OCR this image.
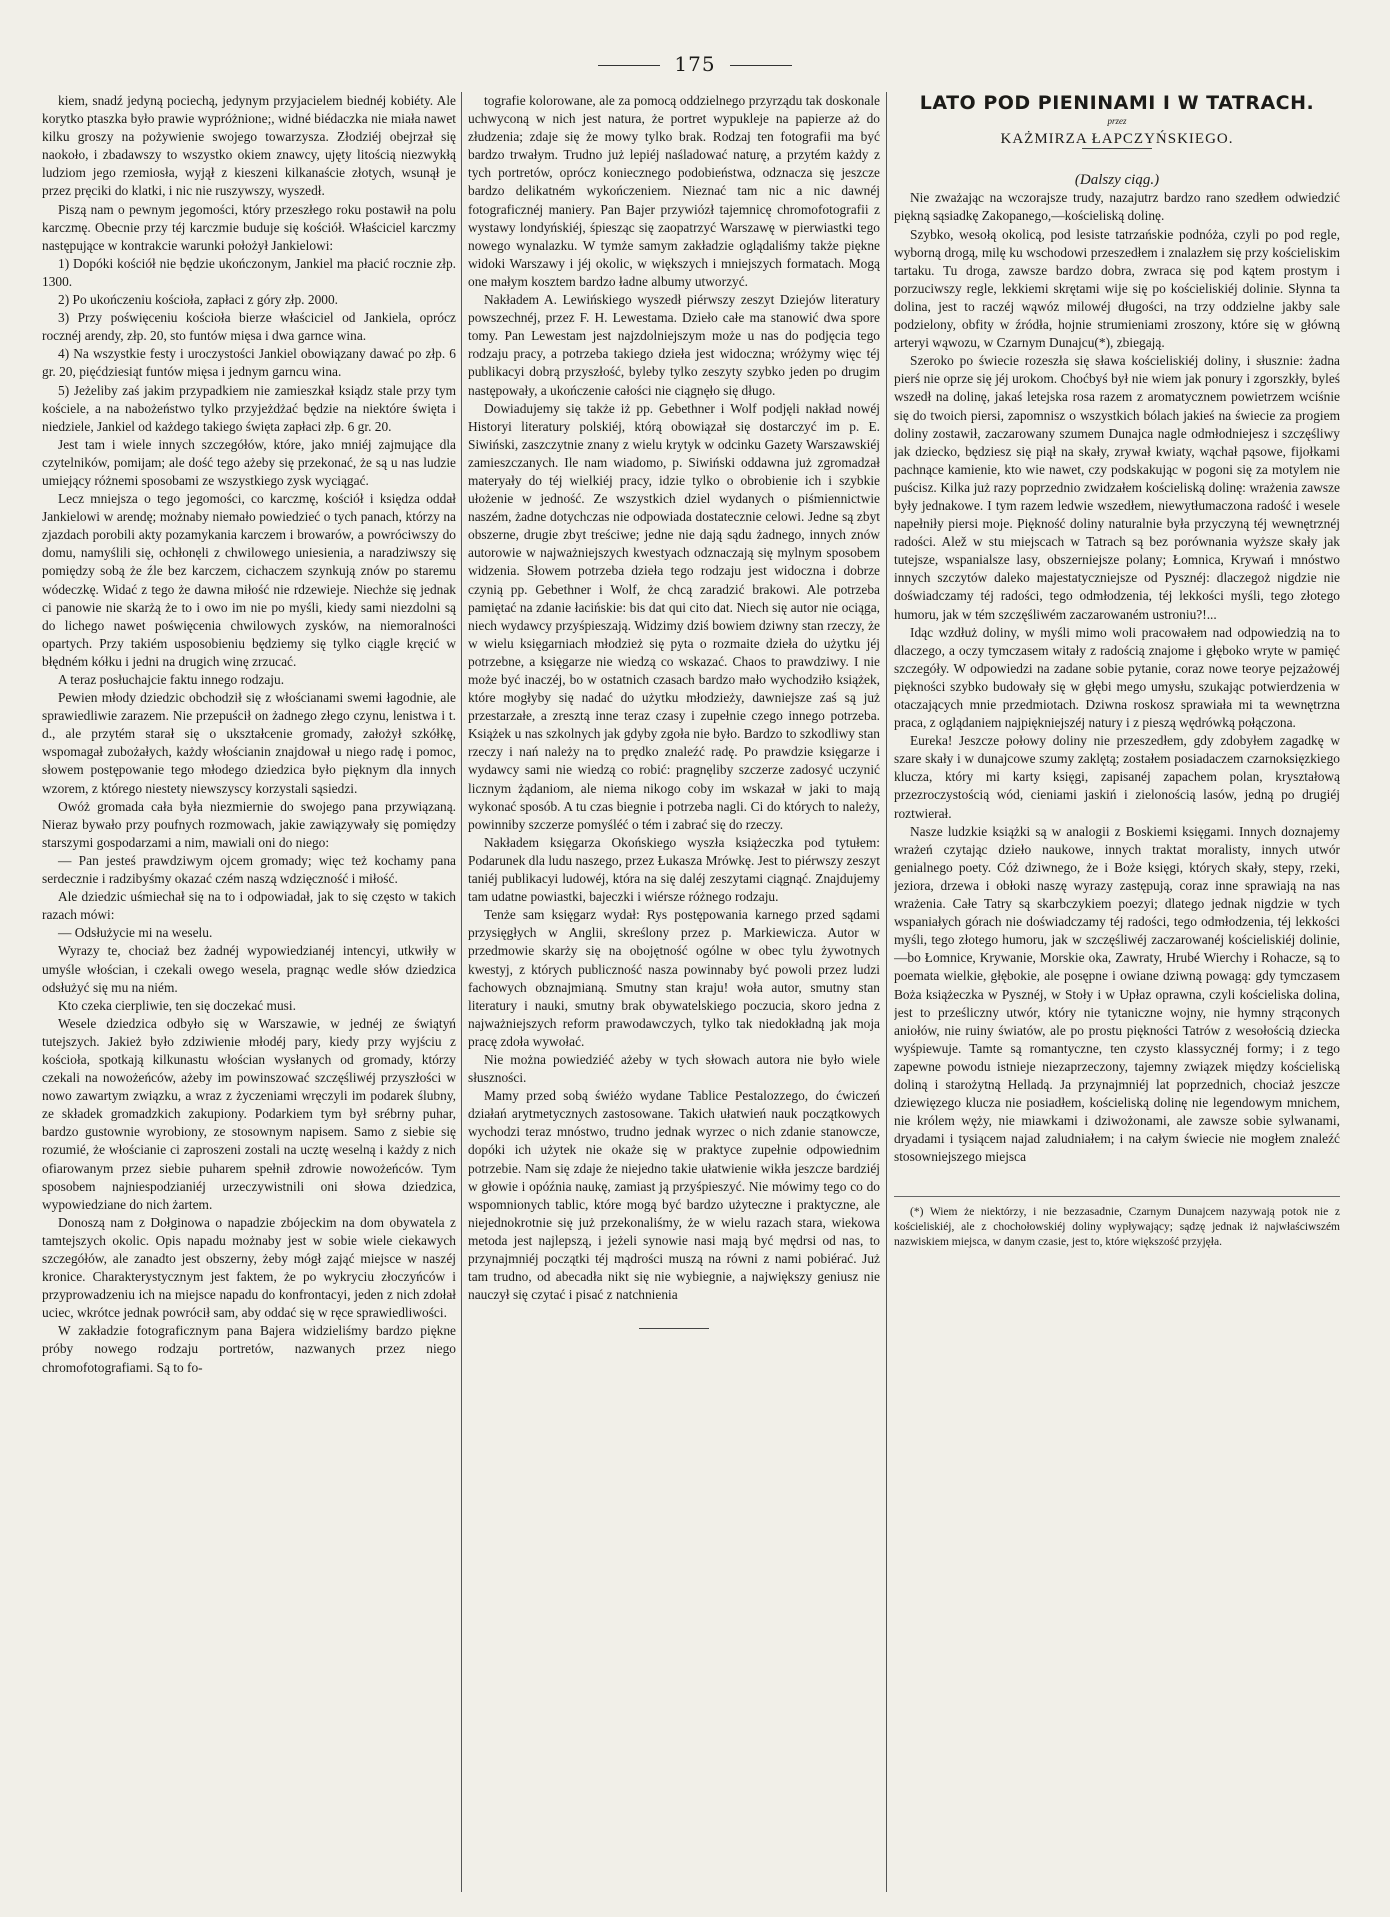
175

kiem, snadź jedyną pociechą, jedynym przyjacielem biednéj kobiéty. Ale korytko ptaszka było prawie wypróżnione;, widné biédaczka nie miała nawet kilku groszy na pożywienie swojego towarzysza. Złodziéj obejrzał się naokoło, i zbadawszy to wszystko okiem znawcy, ujęty litością niezwykłą ludziom jego rzemiosła, wyjął z kieszeni kilkanaście złotych, wsunął je przez pręciki do klatki, i nic nie ruszywszy, wyszedł.

Piszą nam o pewnym jegomości, który przeszłego roku postawił na polu karczmę. Obecnie przy téj karczmie buduje się kościół. Właściciel karczmy następujące w kontrakcie warunki położył Jankielowi:

1) Dopóki kościół nie będzie ukończonym, Jankiel ma płacić rocznie złp. 1300.

2) Po ukończeniu kościoła, zapłaci z góry złp. 2000.

3) Przy poświęceniu kościoła bierze właściciel od Jankiela, oprócz rocznéj arendy, złp. 20, sto funtów mięsa i dwa garnce wina.

4) Na wszystkie festy i uroczystości Jankiel obowiązany dawać po złp. 6 gr. 20, pięćdziesiąt funtów mięsa i jednym garncu wina.

5) Jeżeliby zaś jakim przypadkiem nie zamieszkał ksiądz stale przy tym kościele, a na nabożeństwo tylko przyjeżdżać będzie na niektóre święta i niedziele, Jankiel od każdego takiego święta zapłaci złp. 6 gr. 20.

Jest tam i wiele innych szczegółów, które, jako mniéj zajmujące dla czytelników, pomijam; ale dość tego ażeby się przekonać, że są u nas ludzie umiejący różnemi sposobami ze wszystkiego zysk wyciągać.

Lecz mniejsza o tego jegomości, co karczmę, kościół i księdza oddał Jankielowi w arendę; możnaby niemało powiedzieć o tych panach, którzy na zjazdach porobili akty pozamykania karczem i browarów, a powróciwszy do domu, namyślili się, ochłonęli z chwilowego uniesienia, a naradziwszy się pomiędzy sobą że źle bez karczem, cichaczem szynkują znów po staremu wódeczkę. Widać z tego że dawna miłość nie rdzewieje. Niechże się jednak ci panowie nie skarżą że to i owo im nie po myśli, kiedy sami niezdolni są do lichego nawet poświęcenia chwilowych zysków, na niemoralności opartych. Przy takiém usposobieniu będziemy się tylko ciągle kręcić w błędném kółku i jedni na drugich winę zrzucać.

A teraz posłuchajcie faktu innego rodzaju.

Pewien młody dziedzic obchodził się z włościanami swemi łagodnie, ale sprawiedliwie zarazem. Nie przepuścił on żadnego złego czynu, lenistwa i t. d., ale przytém starał się o ukształcenie gromady, założył szkółkę, wspomagał zubożałych, każdy włościanin znajdował u niego radę i pomoc, słowem postępowanie tego młodego dziedzica było pięknym dla innych wzorem, z którego niestety niewszyscy korzystali sąsiedzi.

Owóż gromada cała była niezmiernie do swojego pana przywiązaną. Nieraz bywało przy poufnych rozmowach, jakie zawiązywały się pomiędzy starszymi gospodarzami a nim, mawiali oni do niego:

— Pan jesteś prawdziwym ojcem gromady; więc też kochamy pana serdecznie i radzibyśmy okazać czém naszą wdzięczność i miłość.

Ale dziedzic uśmiechał się na to i odpowiadał, jak to się często w takich razach mówi:

— Odsłużycie mi na weselu.

Wyrazy te, chociaż bez żadnéj wypowiedzianéj intencyi, utkwiły w umyśle włościan, i czekali owego wesela, pragnąc wedle słów dziedzica odsłużyć się mu na niém.

Kto czeka cierpliwie, ten się doczekać musi.

Wesele dziedzica odbyło się w Warszawie, w jednéj ze świątyń tutejszych. Jakież było zdziwienie młodéj pary, kiedy przy wyjściu z kościoła, spotkają kilkunastu włościan wysłanych od gromady, którzy czekali na nowożeńców, ażeby im powinszować szczęśliwéj przyszłości w nowo zawartym związku, a wraz z życzeniami wręczyli im podarek ślubny, ze składek gromadzkich zakupiony. Podarkiem tym był srébrny puhar, bardzo gustownie wyrobiony, ze stosownym napisem. Samo z siebie się rozumié, że włościanie ci zaproszeni zostali na ucztę weselną i każdy z nich ofiarowanym przez siebie puharem spełnił zdrowie nowożeńców. Tym sposobem najniespodzianiéj urzeczywistnili oni słowa dziedzica, wypowiedziane do nich żartem.

Donoszą nam z Dołginowa o napadzie zbójeckim na dom obywatela z tamtejszych okolic. Opis napadu możnaby jest w sobie wiele ciekawych szczegółów, ale zanadto jest obszerny, żeby mógł zająć miejsce w naszéj kronice. Charakterystycznym jest faktem, że po wykryciu złoczyńców i przyprowadzeniu ich na miejsce napadu do konfrontacyi, jeden z nich zdołał uciec, wkrótce jednak powrócił sam, aby oddać się w ręce sprawiedliwości.

W zakładzie fotograficznym pana Bajera widzieliśmy bardzo piękne próby nowego rodzaju portretów, nazwanych przez niego chromofotografiami. Są to fo-

tografie kolorowane, ale za pomocą oddzielnego przyrządu tak doskonale uchwyconą w nich jest natura, że portret wypukleje na papierze aż do złudzenia; zdaje się że mowy tylko brak. Rodzaj ten fotografii ma być bardzo trwałym. Trudno już lepiéj naśladować naturę, a przytém każdy z tych portretów, oprócz koniecznego podobieństwa, odznacza się jeszcze bardzo delikatném wykończeniem. Nieznać tam nic a nic dawnéj fotograficznéj maniery. Pan Bajer przywiózł tajemnicę chromofotografii z wystawy londyńskiéj, śpiesząc się zaopatrzyć Warszawę w pierwiastki tego nowego wynalazku. W tymże samym zakładzie oglądaliśmy także piękne widoki Warszawy i jéj okolic, w większych i mniejszych formatach. Mogą one małym kosztem bardzo ładne albumy utworzyć.

Nakładem A. Lewińskiego wyszedł piérwszy zeszyt Dziejów literatury powszechnéj, przez F. H. Lewestama. Dzieło całe ma stanowić dwa spore tomy. Pan Lewestam jest najzdolniejszym może u nas do podjęcia tego rodzaju pracy, a potrzeba takiego dzieła jest widoczna; wróżymy więc téj publikacyi dobrą przyszłość, byleby tylko zeszyty szybko jeden po drugim następowały, a ukończenie całości nie ciągnęło się długo.

Dowiadujemy się także iż pp. Gebethner i Wolf podjęli nakład nowéj Historyi literatury polskiéj, którą obowiązał się dostarczyć im p. E. Siwiński, zaszczytnie znany z wielu krytyk w odcinku Gazety Warszawskiéj zamieszczanych. Ile nam wiadomo, p. Siwiński oddawna już zgromadzał materyały do téj wielkiéj pracy, idzie tylko o obrobienie ich i szybkie ułożenie w jedność. Ze wszystkich dziel wydanych o piśmiennictwie naszém, żadne dotychczas nie odpowiada dostatecznie celowi. Jedne są zbyt obszerne, drugie zbyt treściwe; jedne nie dają sądu żadnego, innych znów autorowie w najważniejszych kwestyach odznaczają się mylnym sposobem widzenia. Słowem potrzeba dzieła tego rodzaju jest widoczna i dobrze czynią pp. Gebethner i Wolf, że chcą zaradzić brakowi. Ale potrzeba pamiętać na zdanie łacińskie: bis dat qui cito dat. Niech się autor nie ociąga, niech wydawcy przyśpieszają. Widzimy dziś bowiem dziwny stan rzeczy, że w wielu księgarniach młodzież się pyta o rozmaite dzieła do użytku jéj potrzebne, a księgarze nie wiedzą co wskazać. Chaos to prawdziwy. I nie może być inaczéj, bo w ostatnich czasach bardzo mało wychodziło książek, które mogłyby się nadać do użytku młodzieży, dawniejsze zaś są już przestarzałe, a zresztą inne teraz czasy i zupełnie czego innego potrzeba. Książek u nas szkolnych jak gdyby zgoła nie było. Bardzo to szkodliwy stan rzeczy i nań należy na to prędko znaleźć radę. Po prawdzie księgarze i wydawcy sami nie wiedzą co robić: pragnęliby szczerze zadosyć uczynić licznym żądaniom, ale niema nikogo coby im wskazał w jaki to mają wykonać sposób. A tu czas biegnie i potrzeba nagli. Ci do których to należy, powinniby szczerze pomyśléć o tém i zabrać się do rzeczy.

Nakładem księgarza Okońskiego wyszła książeczka pod tytułem: Podarunek dla ludu naszego, przez Łukasza Mrówkę. Jest to piérwszy zeszyt taniéj publikacyi ludowéj, która na się daléj zeszytami ciągnąć. Znajdujemy tam udatne powiastki, bajeczki i wiérsze różnego rodzaju.

Tenże sam księgarz wydał: Rys postępowania karnego przed sądami przysięgłych w Anglii, skreślony przez p. Markiewicza. Autor w przedmowie skarży się na obojętność ogólne w obec tylu żywotnych kwestyj, z których publiczność nasza powinnaby być powoli przez ludzi fachowych obznajmianą. Smutny stan kraju! woła autor, smutny stan literatury i nauki, smutny brak obywatelskiego poczucia, skoro jedna z najważniejszych reform prawodawczych, tylko tak niedokładną jak moja pracę zdoła wywołać.

Nie można powiedziéć ażeby w tych słowach autora nie było wiele słuszności.

Mamy przed sobą świéżo wydane Tablice Pestalozzego, do ćwiczeń działań arytmetycznych zastosowane. Takich ułatwień nauk początkowych wychodzi teraz mnóstwo, trudno jednak wyrzec o nich zdanie stanowcze, dopóki ich użytek nie okaże się w praktyce zupełnie odpowiednim potrzebie. Nam się zdaje że niejedno takie ułatwienie wikła jeszcze bardziéj w głowie i opóźnia naukę, zamiast ją przyśpieszyć. Nie mówimy tego co do wspomnionych tablic, które mogą być bardzo użyteczne i praktyczne, ale niejednokrotnie się już przekonaliśmy, że w wielu razach stara, wiekowa metoda jest najlepszą, i jeżeli synowie nasi mają być mędrsi od nas, to przynajmniéj początki téj mądrości muszą na równi z nami pobiérać. Już tam trudno, od abecadła nikt się nie wybiegnie, a największy geniusz nie nauczył się czytać i pisać z natchnienia

LATO POD PIENINAMI I W TATRACH.

przez

KAŻMIRZA ŁAPCZYŃSKIEGO.

(Dalszy ciąg.)

Nie zważając na wczorajsze trudy, nazajutrz bardzo rano szedłem odwiedzić piękną sąsiadkę Zakopanego,—kościeliską dolinę.

Szybko, wesołą okolicą, pod lesiste tatrzańskie podnóża, czyli po pod regle, wyborną drogą, milę ku wschodowi przeszedłem i znalazłem się przy kościeliskim tartaku. Tu droga, zawsze bardzo dobra, zwraca się pod kątem prostym i porzuciwszy regle, lekkiemi skrętami wije się po kościeliskiéj dolinie. Słynna ta dolina, jest to raczéj wąwóz milowéj długości, na trzy oddzielne jakby sale podzielony, obfity w źródła, hojnie strumieniami zroszony, które się w główną arteryi wąwozu, w Czarnym Dunajcu(*), zbiegają.

Szeroko po świecie rozeszła się sława kościeliskiéj doliny, i słusznie: żadna pierś nie oprze się jéj urokom. Choćbyś był nie wiem jak ponury i zgorszkły, byleś wszedł na dolinę, jakaś letejska rosa razem z aromatycznem powietrzem wciśnie się do twoich piersi, zapomnisz o wszystkich bólach jakieś na świecie za progiem doliny zostawił, zaczarowany szumem Dunajca nagle odmłodniejesz i szczęśliwy jak dziecko, będziesz się piął na skały, zrywał kwiaty, wąchał pąsowe, fijołkami pachnące kamienie, kto wie nawet, czy podskakując w pogoni się za motylem nie puścisz. Kilka już razy poprzednio zwidzałem kościeliską dolinę: wrażenia zawsze były jednakowe. I tym razem ledwie wszedłem, niewytłumaczona radość i wesele napełniły piersi moje. Piękność doliny naturalnie była przyczyną téj wewnętrznéj radości. Alež w stu miejscach w Tatrach są bez porównania wyższe skały jak tutejsze, wspanialsze lasy, obszerniejsze polany; Łomnica, Krywań i mnóstwo innych szczytów daleko majestatyczniejsze od Pysznéj: dlaczegoż nigdzie nie doświadczamy téj radości, tego odmłodzenia, téj lekkości myśli, tego złotego humoru, jak w tém szczęśliwém zaczarowaném ustroniu?!...

Idąc wzdłuż doliny, w myśli mimo woli pracowałem nad odpowiedzią na to dlaczego, a oczy tymczasem witały z radością znajome i głęboko wryte w pamięć szczegóły. W odpowiedzi na zadane sobie pytanie, coraz nowe teorye pejzażowéj piękności szybko budowały się w głębi mego umysłu, szukając potwierdzenia w otaczających mnie przedmiotach. Dziwna roskosz sprawiała mi ta wewnętrzna praca, z oglądaniem najpiękniejszéj natury i z pieszą wędrówką połączona.

Eureka! Jeszcze połowy doliny nie przeszedłem, gdy zdobyłem zagadkę w szare skały i w dunajcowe szumy zaklętą; zostałem posiadaczem czarnoksięzkiego klucza, który mi karty księgi, zapisanéj zapachem polan, kryształową przezroczystością wód, cieniami jaskiń i zielonością lasów, jedną po drugiéj roztwierał.

Nasze ludzkie książki są w analogii z Boskiemi księgami. Innych doznajemy wrażeń czytając dzieło naukowe, innych traktat moralisty, innych utwór genialnego poety. Cóż dziwnego, że i Boże księgi, których skały, stepy, rzeki, jeziora, drzewa i obłoki naszę wyrazy zastępują, coraz inne sprawiają na nas wrażenia. Całe Tatry są skarbczykiem poezyi; dlatego jednak nigdzie w tych wspaniałych górach nie doświadczamy téj radości, tego odmłodzenia, téj lekkości myśli, tego złotego humoru, jak w szczęśliwéj zaczarowanéj kościeliskiéj dolinie,—bo Łomnice, Krywanie, Morskie oka, Zawraty, Hrubé Wierchy i Rohacze, są to poemata wielkie, głębokie, ale posępne i owiane dziwną powagą: gdy tymczasem Boża książeczka w Pysznéj, w Stoły i w Upłaz oprawna, czyli kościeliska dolina, jest to prześliczny utwór, który nie tytaniczne wojny, nie hymny strąconych aniołów, nie ruiny światów, ale po prostu piękności Tatrów z wesołością dziecka wyśpiewuje. Tamte są romantyczne, ten czysto klassycznéj formy; i z tego zapewne powodu istnieje niezaprzeczony, tajemny związek między kościeliską doliną i starożytną Helladą. Ja przynajmniéj lat poprzednich, chociaż jeszcze dziewięzego klucza nie posiadłem, kościeliską dolinę nie legendowym mnichem, nie królem węży, nie miawkami i dziwożonami, ale zawsze sobie sylwanami, dryadami i tysiącem najad zaludniałem; i na całym świecie nie mogłem znaleźć stosowniejszego miejsca

(*) Wiem że niektórzy, i nie bezzasadnie, Czarnym Dunajcem nazywają potok nie z kościeliskiéj, ale z chochołowskiéj doliny wypływający; sądzę jednak iż najwłaściwszém nazwiskiem miejsca, w danym czasie, jest to, które większość przyjęła.
